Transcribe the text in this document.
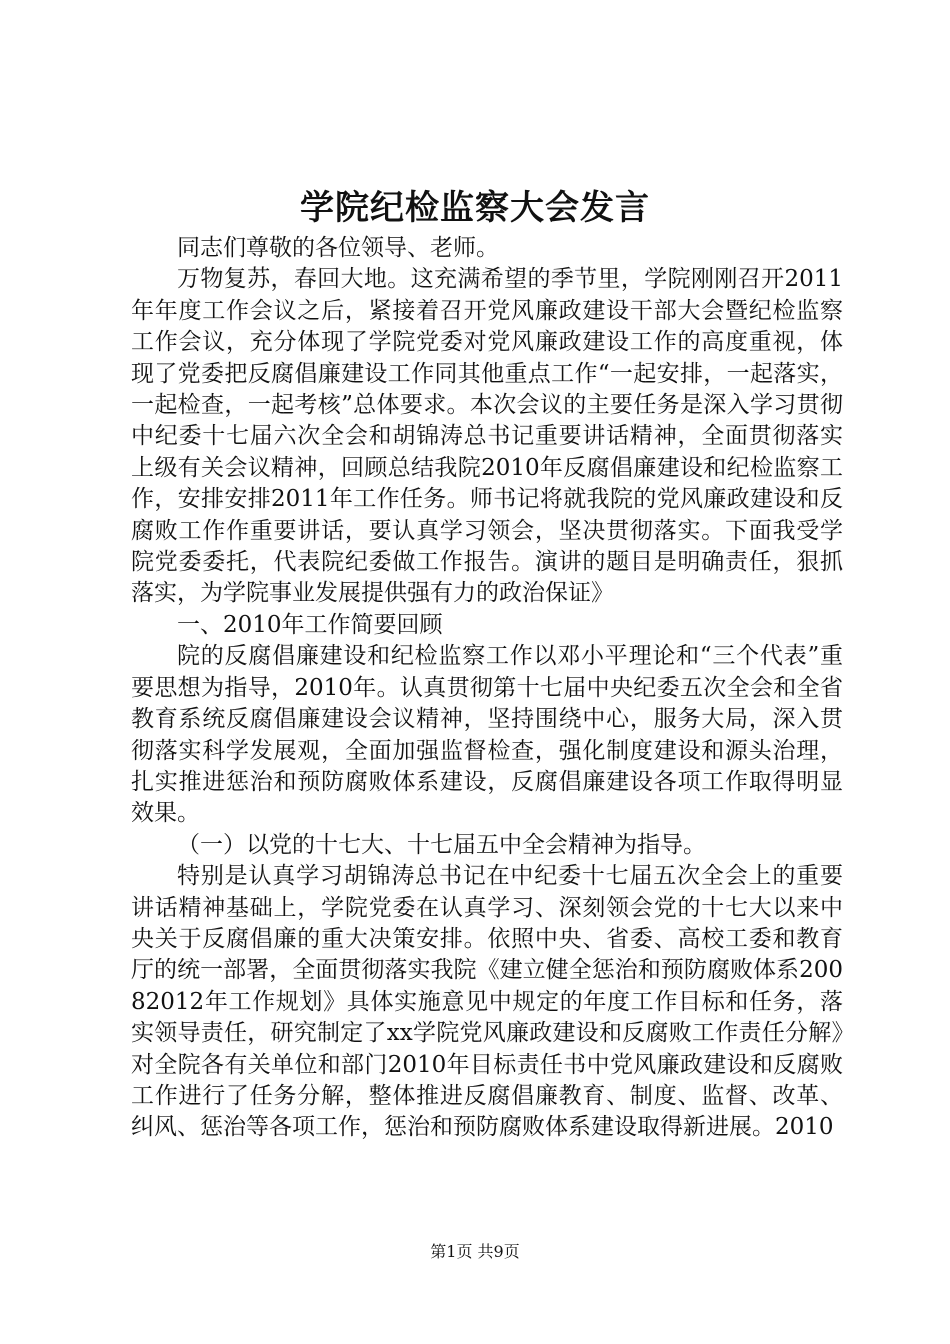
学院纪检监察大会发言

同志们尊敬的各位领导、老师。

万物复苏，春回大地。这充满希望的季节里，学院刚刚召开2011年年度工作会议之后，紧接着召开党风廉政建设干部大会暨纪检监察工作会议，充分体现了学院党委对党风廉政建设工作的高度重视，体现了党委把反腐倡廉建设工作同其他重点工作“一起安排，一起落实，一起检查，一起考核”总体要求。本次会议的主要任务是深入学习贯彻中纪委十七届六次全会和胡锦涛总书记重要讲话精神，全面贯彻落实上级有关会议精神，回顾总结我院2010年反腐倡廉建设和纪检监察工作，安排安排2011年工作任务。师书记将就我院的党风廉政建设和反腐败工作作重要讲话，要认真学习领会，坚决贯彻落实。下面我受学院党委委托，代表院纪委做工作报告。演讲的题目是明确责任，狠抓落实，为学院事业发展提供强有力的政治保证》

一、2010年工作简要回顾

院的反腐倡廉建设和纪检监察工作以邓小平理论和“三个代表”重要思想为指导，2010年。认真贯彻第十七届中央纪委五次全会和全省教育系统反腐倡廉建设会议精神，坚持围绕中心，服务大局，深入贯彻落实科学发展观，全面加强监督检查，强化制度建设和源头治理，扎实推进惩治和预防腐败体系建设，反腐倡廉建设各项工作取得明显效果。

（一）以党的十七大、十七届五中全会精神为指导。

特别是认真学习胡锦涛总书记在中纪委十七届五次全会上的重要讲话精神基础上，学院党委在认真学习、深刻领会党的十七大以来中央关于反腐倡廉的重大决策安排。依照中央、省委、高校工委和教育厅的统一部署，全面贯彻落实我院《建立健全惩治和预防腐败体系20082012年工作规划》具体实施意见中规定的年度工作目标和任务，落实领导责任，研究制定了xx学院党风廉政建设和反腐败工作责任分解》对全院各有关单位和部门2010年目标责任书中党风廉政建设和反腐败工作进行了任务分解，整体推进反腐倡廉教育、制度、监督、改革、纠风、惩治等各项工作，惩治和预防腐败体系建设取得新进展。2010

第1页 共9页
